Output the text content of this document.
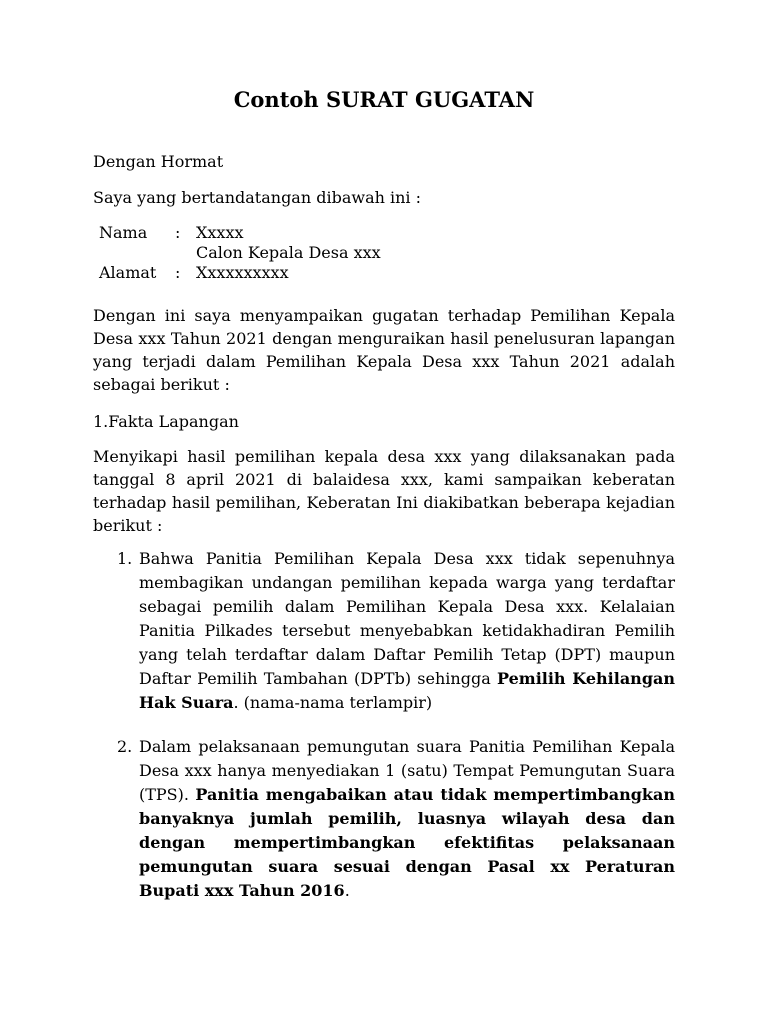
Contoh SURAT GUGATAN
Dengan Hormat
Saya yang bertandatangan dibawah ini :
Nama : Xxxxx
Calon Kepala Desa xxx
Alamat : Xxxxxxxxxx
Dengan ini saya menyampaikan gugatan terhadap Pemilihan Kepala Desa xxx Tahun 2021 dengan menguraikan hasil penelusuran lapangan yang terjadi dalam Pemilihan Kepala Desa xxx Tahun 2021 adalah sebagai berikut :
1.Fakta Lapangan
Menyikapi hasil pemilihan kepala desa xxx yang dilaksanakan pada tanggal 8 april 2021 di balaidesa xxx, kami sampaikan keberatan terhadap hasil pemilihan, Keberatan Ini diakibatkan beberapa kejadian berikut :
1. Bahwa Panitia Pemilihan Kepala Desa xxx tidak sepenuhnya membagikan undangan pemilihan kepada warga yang terdaftar sebagai pemilih dalam Pemilihan Kepala Desa xxx. Kelalaian Panitia Pilkades tersebut menyebabkan ketidakhadiran Pemilih yang telah terdaftar dalam Daftar Pemilih Tetap (DPT) maupun Daftar Pemilih Tambahan (DPTb) sehingga Pemilih Kehilangan Hak Suara. (nama-nama terlampir)
2. Dalam pelaksanaan pemungutan suara Panitia Pemilihan Kepala Desa xxx hanya menyediakan 1 (satu) Tempat Pemungutan Suara (TPS). Panitia mengabaikan atau tidak mempertimbangkan banyaknya jumlah pemilih, luasnya wilayah desa dan dengan mempertimbangkan efektifitas pelaksanaan pemungutan suara sesuai dengan Pasal xx Peraturan Bupati xxx Tahun 2016.
